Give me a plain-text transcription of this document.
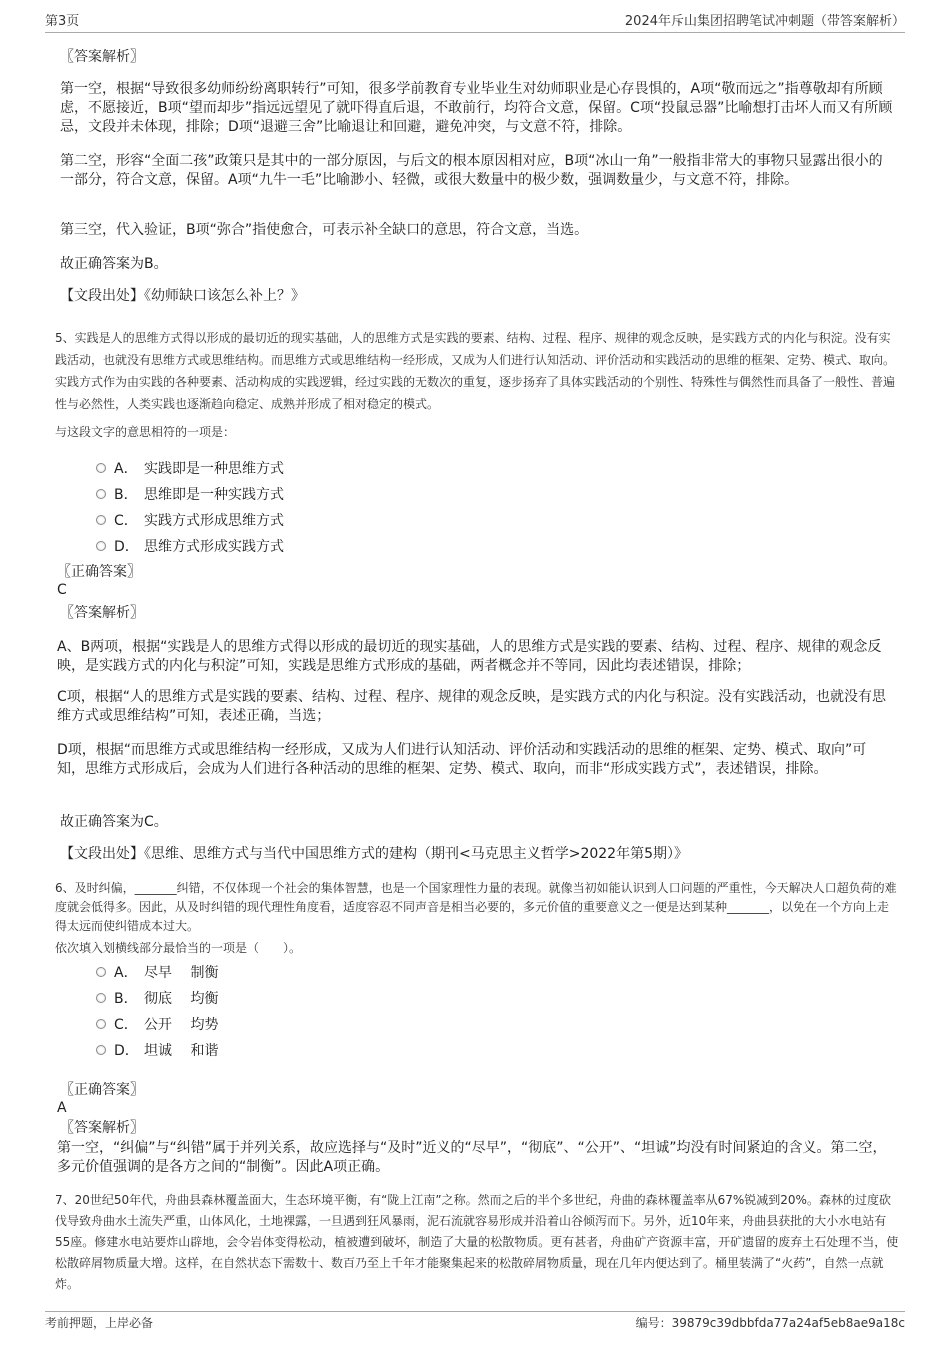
第3页	2024年斥山集团招聘笔试冲刺题（带答案解析）
〖答案解析〗
第一空，根据“导致很多幼师纷纷离职转行”可知，很多学前教育专业毕业生对幼师职业是心存畏惧的，A项“敬而远之”指尊敬却有所顾虑，不愿接近，B项“望而却步”指远远望见了就吓得直后退，不敢前行，均符合文意，保留。C项“投鼠忌器”比喻想打击坏人而又有所顾忌，文段并未体现，排除；D项“退避三舍”比喻退让和回避，避免冲突，与文意不符，排除。
第二空，形容“全面二孩”政策只是其中的一部分原因，与后文的根本原因相对应，B项“冰山一角”一般指非常大的事物只显露出很小的一部分，符合文意，保留。A项“九牛一毛”比喻渺小、轻微，或很大数量中的极少数，强调数量少，与文意不符，排除。
第三空，代入验证，B项“弥合”指使愈合，可表示补全缺口的意思，符合文意，当选。
故正确答案为B。
【文段出处】《幼师缺口该怎么补上？》
5、实践是人的思维方式得以形成的最切近的现实基础，人的思维方式是实践的要素、结构、过程、程序、规律的观念反映，是实践方式的内化与积淀。没有实践活动，也就没有思维方式或思维结构。而思维方式或思维结构一经形成，又成为人们进行认知活动、评价活动和实践活动的思维的框架、定势、模式、取向。实践方式作为由实践的各种要素、活动构成的实践逻辑，经过实践的无数次的重复，逐步扬弃了具体实践活动的个别性、特殊性与偶然性而具备了一般性、普遍性与必然性，人类实践也逐渐趋向稳定、成熟并形成了相对稳定的模式。
与这段文字的意思相符的一项是：
A． 实践即是一种思维方式
B． 思维即是一种实践方式
C． 实践方式形成思维方式
D． 思维方式形成实践方式
〖正确答案〗
C
〖答案解析〗
A、B两项，根据“实践是人的思维方式得以形成的最切近的现实基础，人的思维方式是实践的要素、结构、过程、程序、规律的观念反映，是实践方式的内化与积淀”可知，实践是思维方式形成的基础，两者概念并不等同，因此均表述错误，排除；
C项，根据“人的思维方式是实践的要素、结构、过程、程序、规律的观念反映，是实践方式的内化与积淀。没有实践活动，也就没有思维方式或思维结构”可知，表述正确，当选；
D项，根据“而思维方式或思维结构一经形成，又成为人们进行认知活动、评价活动和实践活动的思维的框架、定势、模式、取向”可知，思维方式形成后，会成为人们进行各种活动的思维的框架、定势、模式、取向，而非“形成实践方式”，表述错误，排除。
故正确答案为C。
【文段出处】《思维、思维方式与当代中国思维方式的建构（期刊<马克思主义哲学>2022年第5期）》
6、及时纠偏，_______纠错，不仅体现一个社会的集体智慧，也是一个国家理性力量的表现。就像当初如能认识到人口问题的严重性，今天解决人口超负荷的难度就会低得多。因此，从及时纠错的现代理性角度看，适度容忍不同声音是相当必要的，多元价值的重要意义之一便是达到某种_______，以免在一个方向上走得太远而使纠错成本过大。
依次填入划横线部分最恰当的一项是（　　）。
A． 尽早　 制衡
B． 彻底　 均衡
C． 公开　 均势
D． 坦诚　 和谐
〖正确答案〗
A
〖答案解析〗
第一空，“纠偏”与“纠错”属于并列关系，故应选择与“及时”近义的“尽早”，“彻底”、“公开”、“坦诚”均没有时间紧迫的含义。第二空，多元价值强调的是各方之间的“制衡”。因此A项正确。
7、20世纪50年代，舟曲县森林覆盖面大，生态环境平衡，有“陇上江南”之称。然而之后的半个多世纪，舟曲的森林覆盖率从67%锐减到20%。森林的过度砍伐导致舟曲水土流失严重，山体风化，土地裸露，一旦遇到狂风暴雨，泥石流就容易形成并沿着山谷倾泻而下。另外，近10年来，舟曲县获批的大小水电站有55座。修建水电站要炸山辟地，会令岩体变得松动，植被遭到破坏，制造了大量的松散物质。更有甚者，舟曲矿产资源丰富，开矿遗留的废弃土石处理不当，使松散碎屑物质量大增。这样，在自然状态下需数十、数百乃至上千年才能聚集起来的松散碎屑物质量，现在几年内便达到了。桶里装满了“火药”，自然一点就炸。
考前押题，上岸必备	编号：39879c39dbbfda77a24af5eb8ae9a18c
